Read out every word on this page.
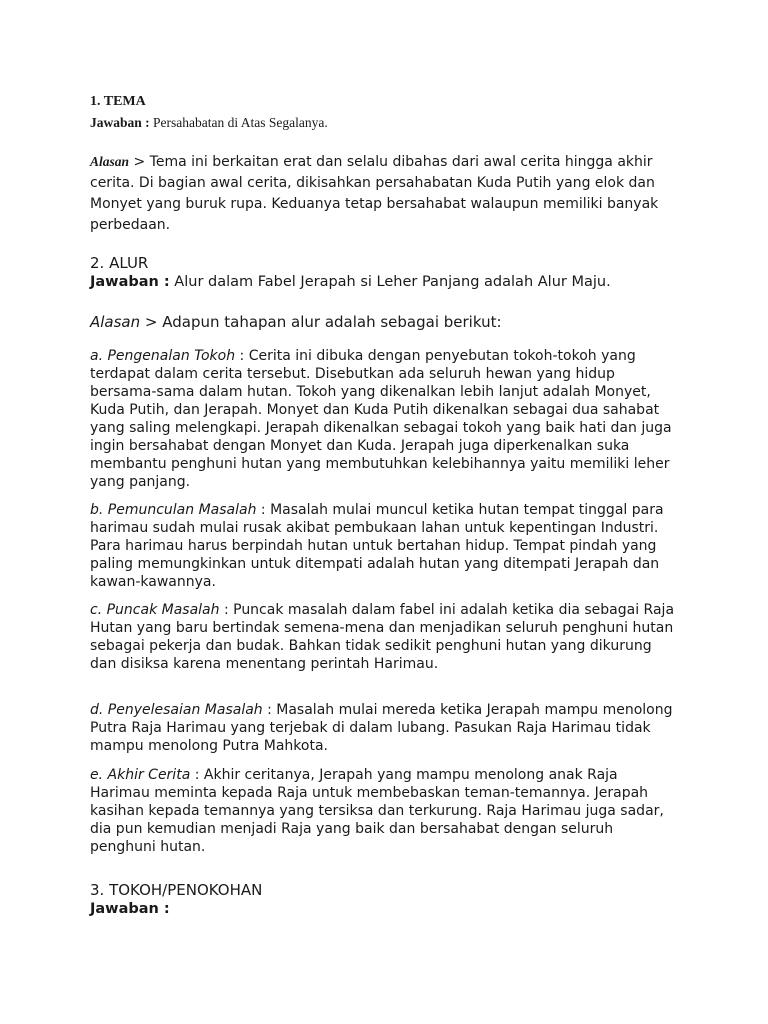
1. TEMA
Jawaban : Persahabatan di Atas Segalanya.
Alasan > Tema ini berkaitan erat dan selalu dibahas dari awal cerita hingga akhir cerita. Di bagian awal cerita, dikisahkan persahabatan Kuda Putih yang elok dan Monyet yang buruk rupa. Keduanya tetap bersahabat walaupun memiliki banyak perbedaan.
2. ALUR
Jawaban : Alur dalam Fabel Jerapah si Leher Panjang adalah Alur Maju.
Alasan > Adapun tahapan alur adalah sebagai berikut:
a. Pengenalan Tokoh : Cerita ini dibuka dengan penyebutan tokoh-tokoh yang terdapat dalam cerita tersebut. Disebutkan ada seluruh hewan yang hidup bersama-sama dalam hutan. Tokoh yang dikenalkan lebih lanjut adalah Monyet, Kuda Putih, dan Jerapah. Monyet dan Kuda Putih dikenalkan sebagai dua sahabat yang saling melengkapi. Jerapah dikenalkan sebagai tokoh yang baik hati dan juga ingin bersahabat dengan Monyet dan Kuda. Jerapah juga diperkenalkan suka membantu penghuni hutan yang membutuhkan kelebihannya yaitu memiliki leher yang panjang.
b. Pemunculan Masalah : Masalah mulai muncul ketika hutan tempat tinggal para harimau sudah mulai rusak akibat pembukaan lahan untuk kepentingan Industri. Para harimau harus berpindah hutan untuk bertahan hidup. Tempat pindah yang paling memungkinkan untuk ditempati adalah hutan yang ditempati Jerapah dan kawan-kawannya.
c. Puncak Masalah : Puncak masalah dalam fabel ini adalah ketika dia sebagai Raja Hutan yang baru bertindak semena-mena dan menjadikan seluruh penghuni hutan sebagai pekerja dan budak. Bahkan tidak sedikit penghuni hutan yang dikurung dan disiksa karena menentang perintah Harimau.
d. Penyelesaian Masalah : Masalah mulai mereda ketika Jerapah mampu menolong Putra Raja Harimau yang terjebak di dalam lubang. Pasukan Raja Harimau tidak mampu menolong Putra Mahkota.
e. Akhir Cerita : Akhir ceritanya, Jerapah yang mampu menolong anak Raja Harimau meminta kepada Raja untuk membebaskan teman-temannya. Jerapah kasihan kepada temannya yang tersiksa dan terkurung. Raja Harimau juga sadar, dia pun kemudian menjadi Raja yang baik dan bersahabat dengan seluruh penghuni hutan.
3. TOKOH/PENOKOHAN
Jawaban :
